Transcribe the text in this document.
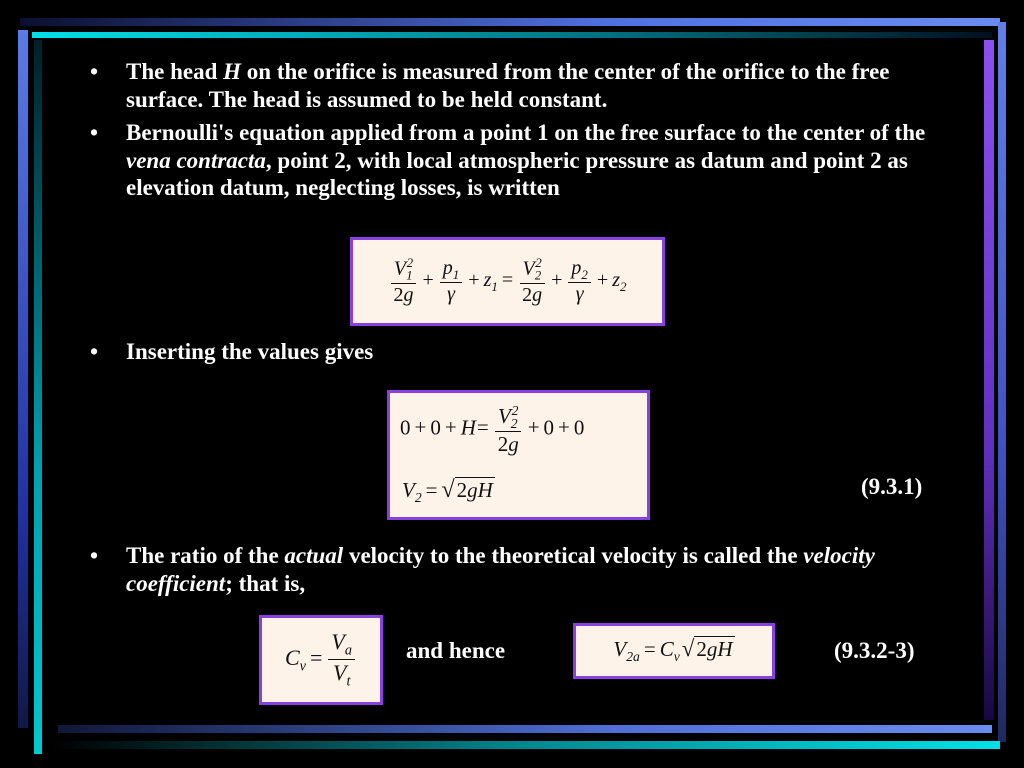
• The head H on the orifice is measured from the center of the orifice to the free surface. The head is assumed to be held constant.
• Bernoulli's equation applied from a point 1 on the free surface to the center of the vena contracta, point 2, with local atmospheric pressure as datum and point 2 as elevation datum, neglecting losses, is written
$\frac{V_1^2}{2g} + \frac{p_1}{\gamma} + z_1 = \frac{V_2^2}{2g} + \frac{p_2}{\gamma} + z_2$
• Inserting the values gives
$0 + 0 + H= \frac{V_2^2}{2g} + 0 + 0$
$V_2 = √2gH$	(9.3.1)
• The ratio of the actual velocity to the theoretical velocity is called the velocity coefficient; that is,
$C_v = \frac{V_a}{V_t}$ and hence	$V_{2a} = C_v√2gH$	(9.3.2-3)
